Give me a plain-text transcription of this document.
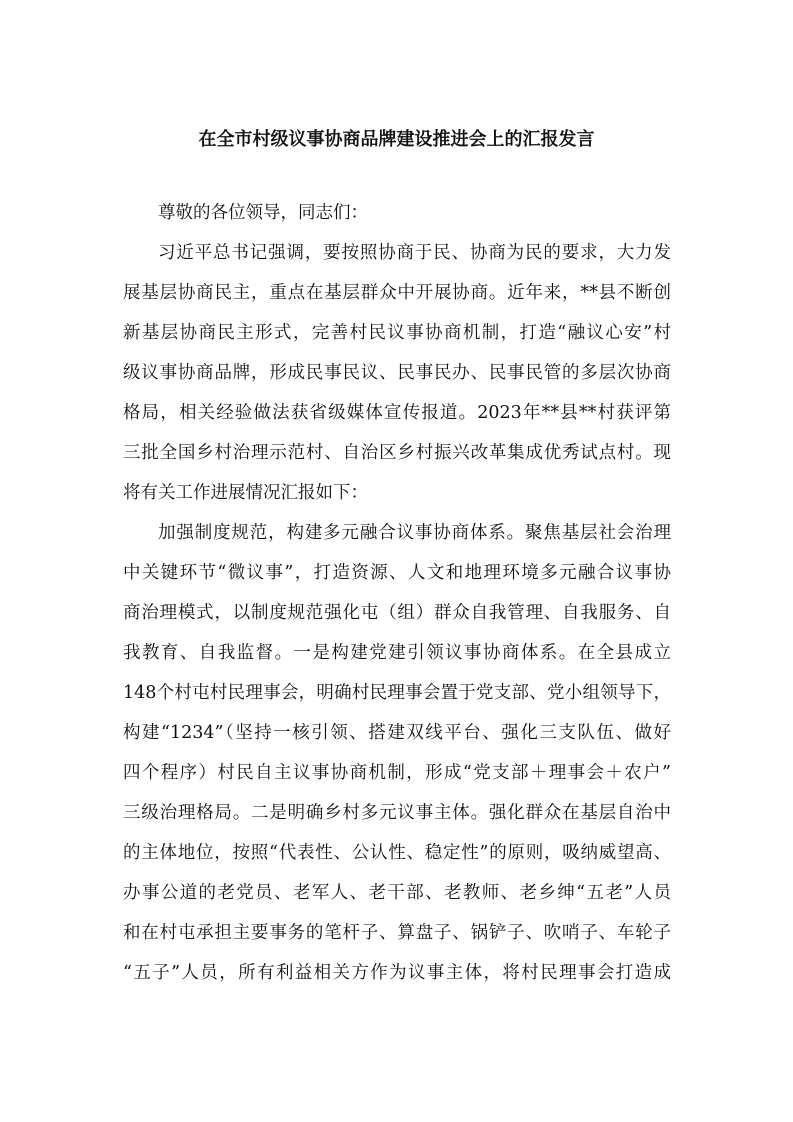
在全市村级议事协商品牌建设推进会上的汇报发言
尊敬的各位领导，同志们：
习近平总书记强调，要按照协商于民、协商为民的要求，大力发
展基层协商民主，重点在基层群众中开展协商。近年来，**县不断创
新基层协商民主形式，完善村民议事协商机制，打造“融议心安”村
级议事协商品牌，形成民事民议、民事民办、民事民管的多层次协商
格局，相关经验做法获省级媒体宣传报道。2023年**县**村获评第
三批全国乡村治理示范村、自治区乡村振兴改革集成优秀试点村。现
将有关工作进展情况汇报如下：
加强制度规范，构建多元融合议事协商体系。聚焦基层社会治理
中关键环节“微议事”，打造资源、人文和地理环境多元融合议事协
商治理模式，以制度规范强化屯（组）群众自我管理、自我服务、自
我教育、自我监督。一是构建党建引领议事协商体系。在全县成立
148个村屯村民理事会，明确村民理事会置于党支部、党小组领导下，
构建“1234”（坚持一核引领、搭建双线平台、强化三支队伍、做好
四个程序）村民自主议事协商机制，形成“党支部＋理事会＋农户”
三级治理格局。二是明确乡村多元议事主体。强化群众在基层自治中
的主体地位，按照“代表性、公认性、稳定性”的原则，吸纳威望高、
办事公道的老党员、老军人、老干部、老教师、老乡绅“五老”人员
和在村屯承担主要事务的笔杆子、算盘子、锅铲子、吹哨子、车轮子
“五子”人员，所有利益相关方作为议事主体，将村民理事会打造成
